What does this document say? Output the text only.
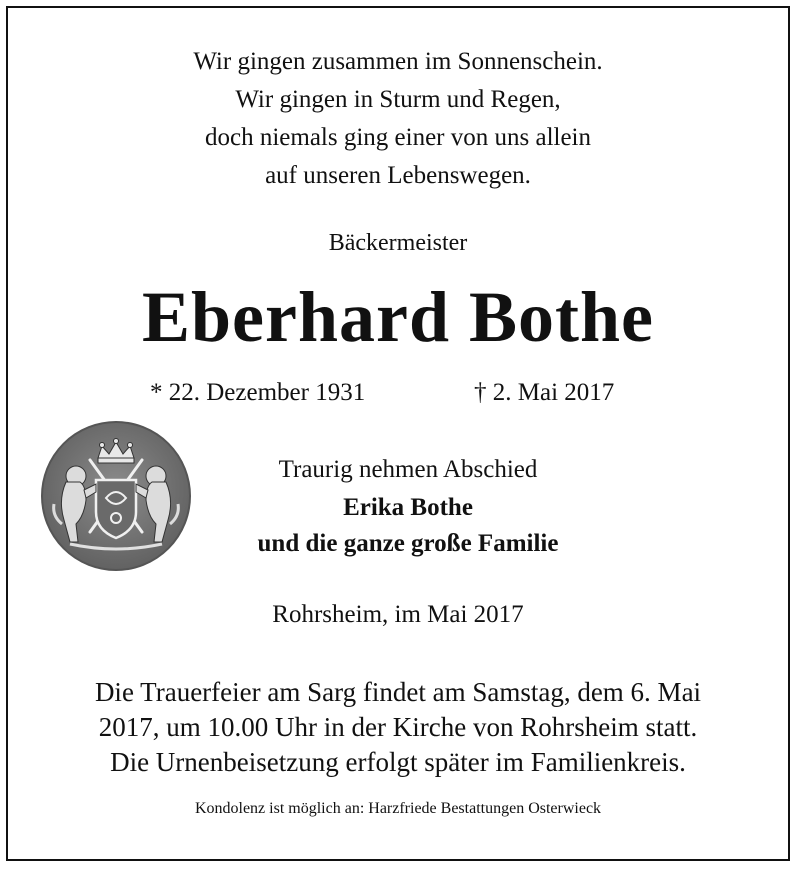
Wir gingen zusammen im Sonnenschein.
Wir gingen in Sturm und Regen,
doch niemals ging einer von uns allein
auf unseren Lebenswegen.
Bäckermeister
Eberhard Bothe
* 22. Dezember 1931	† 2. Mai 2017
Traurig nehmen Abschied
Erika Bothe
und die ganze große Familie
Rohrsheim, im Mai 2017
Die Trauerfeier am Sarg findet am Samstag, dem 6. Mai
2017, um 10.00 Uhr in der Kirche von Rohrsheim statt.
Die Urnenbeisetzung erfolgt später im Familienkreis.
Kondolenz ist möglich an: Harzfriede Bestattungen Osterwieck
